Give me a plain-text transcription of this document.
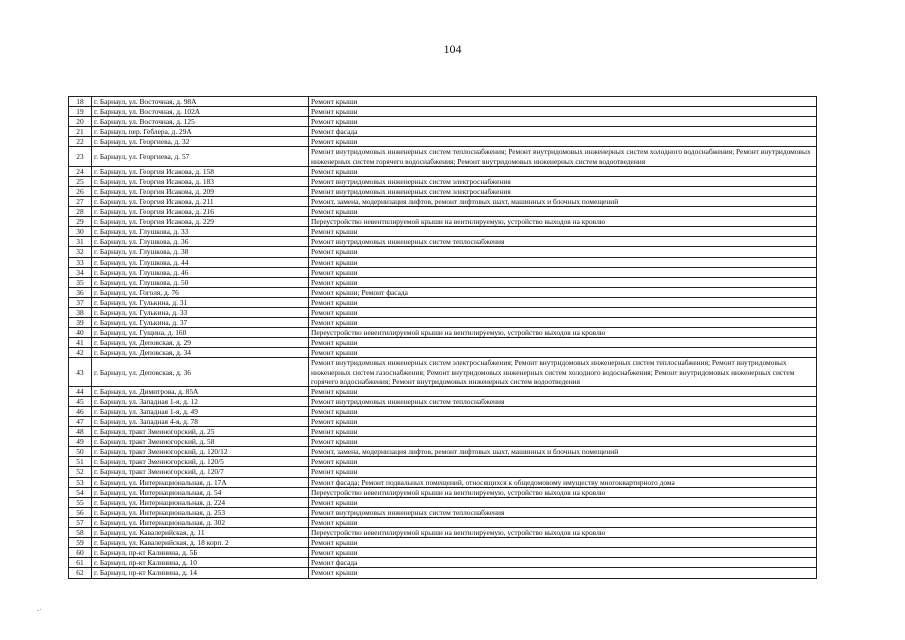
104
18	г. Барнаул, ул. Восточная, д. 98А	Ремонт крыши
19	г. Барнаул, ул. Восточная, д. 102А	Ремонт крыши
20	г. Барнаул, ул. Восточная, д. 125	Ремонт крыши
21	г. Барнаул, пер. Геблера, д. 29А	Ремонт фасада
22	г. Барнаул, ул. Георгиева, д. 32	Ремонт крыши
23	г. Барнаул, ул. Георгиева, д. 57	Ремонт внутридомовых инженерных систем теплоснабжения; Ремонт внутридомовых инженерных систем холодного водоснабжения; Ремонт внутридомовых инженерных систем горячего водоснабжения; Ремонт внутридомовых инженерных систем водоотведения
24	г. Барнаул, ул. Георгия Исакова, д. 158	Ремонт крыши
25	г. Барнаул, ул. Георгия Исакова, д. 183	Ремонт внутридомовых инженерных систем электроснабжения
26	г. Барнаул, ул. Георгия Исакова, д. 209	Ремонт внутридомовых инженерных систем электроснабжения
27	г. Барнаул, ул. Георгия Исакова, д. 211	Ремонт, замена, модернизация лифтов, ремонт лифтовых шахт, машинных и блочных помещений
28	г. Барнаул, ул. Георгия Исакова, д. 216	Ремонт крыши
29	г. Барнаул, ул. Георгия Исакова, д. 229	Переустройство невентилируемой крыши на вентилируемую, устройство выходов на кровлю
30	г. Барнаул, ул. Глушкова, д. 33	Ремонт крыши
31	г. Барнаул, ул. Глушкова, д. 36	Ремонт внутридомовых инженерных систем теплоснабжения
32	г. Барнаул, ул. Глушкова, д. 38	Ремонт крыши
33	г. Барнаул, ул. Глушкова, д. 44	Ремонт крыши
34	г. Барнаул, ул. Глушкова, д. 46	Ремонт крыши
35	г. Барнаул, ул. Глушкова, д. 50	Ремонт крыши
36	г. Барнаул, ул. Гоголя, д. 76	Ремонт крыши; Ремонт фасада
37	г. Барнаул, ул. Гулькина, д. 31	Ремонт крыши
38	г. Барнаул, ул. Гулькина, д. 33	Ремонт крыши
39	г. Барнаул, ул. Гулькина, д. 37	Ремонт крыши
40	г. Барнаул, ул. Гущина, д. 160	Переустройство невентилируемой крыши на вентилируемую, устройство выходов на кровлю
41	г. Барнаул, ул. Деповская, д. 29	Ремонт крыши
42	г. Барнаул, ул. Деповская, д. 34	Ремонт крыши
43	г. Барнаул, ул. Деповская, д. 36	Ремонт внутридомовых инженерных систем электроснабжения; Ремонт внутридомовых инженерных систем теплоснабжения; Ремонт внутридомовых инженерных систем газоснабжения; Ремонт внутридомовых инженерных систем холодного водоснабжения; Ремонт внутридомовых инженерных систем горячего водоснабжения; Ремонт внутридомовых инженерных систем водоотведения
44	г. Барнаул, ул. Димитрова, д. 85А	Ремонт крыши
45	г. Барнаул, ул. Западная 1-я, д. 12	Ремонт внутридомовых инженерных систем теплоснабжения
46	г. Барнаул, ул. Западная 1-я, д. 49	Ремонт крыши
47	г. Барнаул, ул. Западная 4-я, д. 78	Ремонт крыши
48	г. Барнаул, тракт Змеиногорский, д. 25	Ремонт крыши
49	г. Барнаул, тракт Змеиногорский, д. 58	Ремонт крыши
50	г. Барнаул, тракт Змеиногорский, д. 120/12	Ремонт, замена, модернизация лифтов, ремонт лифтовых шахт, машинных и блочных помещений
51	г. Барнаул, тракт Змеиногорский, д. 120/5	Ремонт крыши
52	г. Барнаул, тракт Змеиногорский, д. 120/7	Ремонт крыши
53	г. Барнаул, ул. Интернациональная, д. 17А	Ремонт фасада; Ремонт подвальных помещений, относящихся к общедомовому имуществу многоквартирного дома
54	г. Барнаул, ул. Интернациональная, д. 54	Переустройство невентилируемой крыши на вентилируемую, устройство выходов на кровлю
55	г. Барнаул, ул. Интернациональная, д. 224	Ремонт крыши
56	г. Барнаул, ул. Интернациональная, д. 253	Ремонт внутридомовых инженерных систем теплоснабжения
57	г. Барнаул, ул. Интернациональная, д. 302	Ремонт крыши
58	г. Барнаул, ул. Кавалерийская, д. 11	Переустройство невентилируемой крыши на вентилируемую, устройство выходов на кровлю
59	г. Барнаул, ул. Кавалерийская, д. 18 корп. 2	Ремонт крыши
60	г. Барнаул, пр-кт Калинина, д. 5Б	Ремонт крыши
61	г. Барнаул, пр-кт Калинина, д. 10	Ремонт фасада
62	г. Барнаул, пр-кт Калинина, д. 14	Ремонт крыши
-·
